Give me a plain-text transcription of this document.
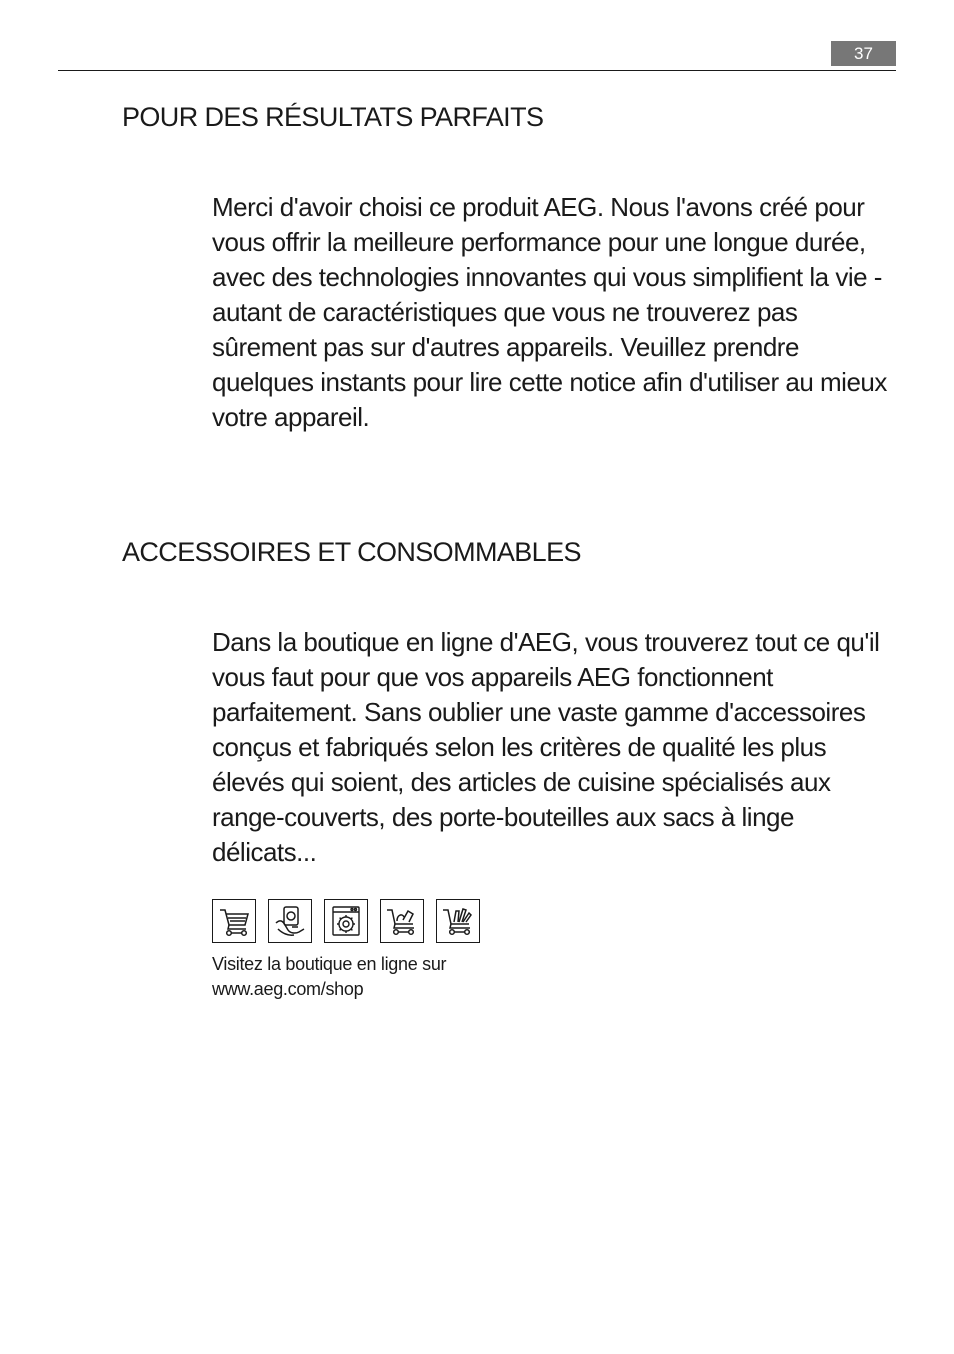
37
POUR DES RÉSULTATS PARFAITS

Merci d'avoir choisi ce produit AEG. Nous l'avons créé pour vous offrir la meilleure performance pour une longue durée, avec des technologies innovantes qui vous simplifient la vie - autant de caractéristiques que vous ne trouverez pas sûrement pas sur d'autres appareils. Veuillez prendre quelques instants pour lire cette notice afin d'utiliser au mieux votre appareil.

ACCESSOIRES ET CONSOMMABLES

Dans la boutique en ligne d'AEG, vous trouverez tout ce qu'il vous faut pour que vos appareils AEG fonctionnent parfaitement. Sans oublier une vaste gamme d'accessoires conçus et fabriqués selon les critères de qualité les plus élevés qui soient, des articles de cuisine spécialisés aux range-couverts, des porte-bouteilles aux sacs à linge délicats...

Visitez la boutique en ligne sur
www.aeg.com/shop
